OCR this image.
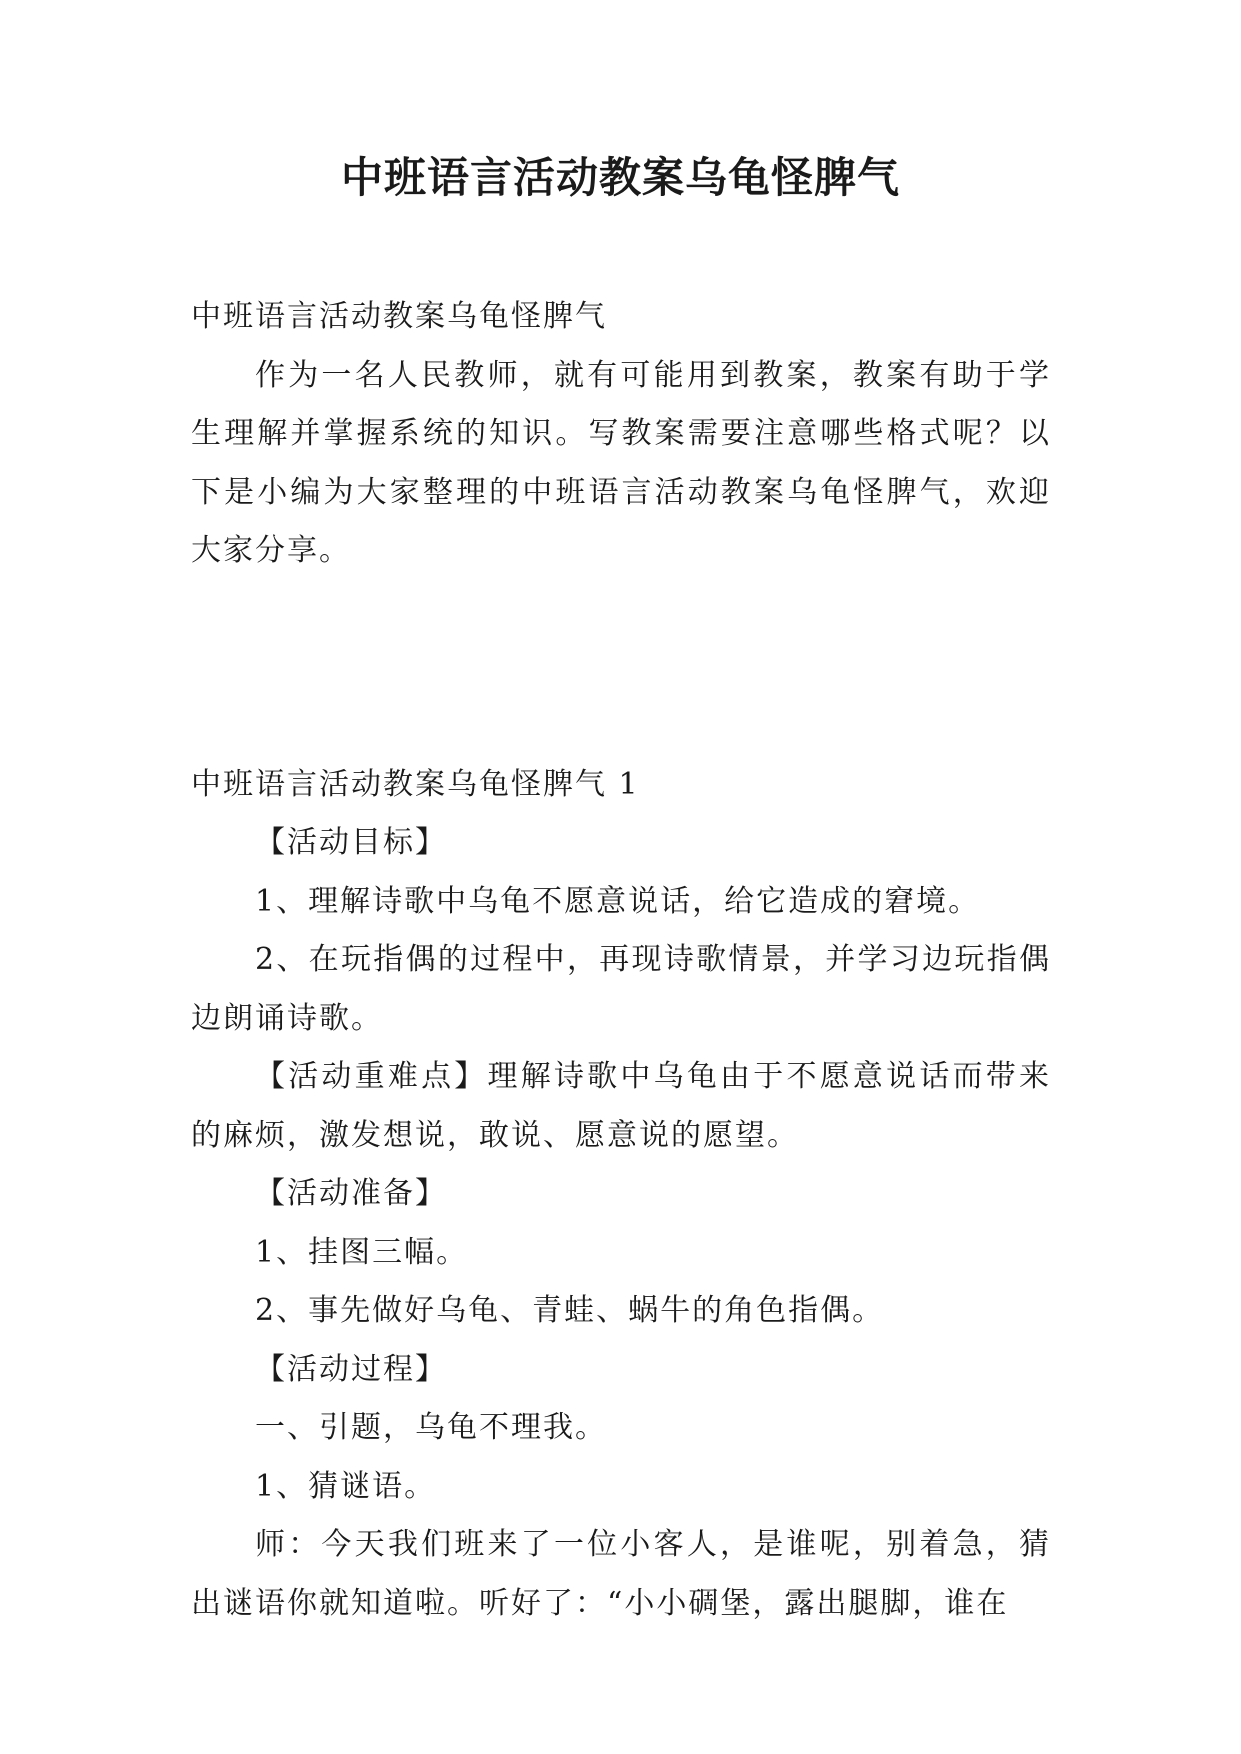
中班语言活动教案乌龟怪脾气

中班语言活动教案乌龟怪脾气

作为一名人民教师，就有可能用到教案，教案有助于学生理解并掌握系统的知识。写教案需要注意哪些格式呢？以下是小编为大家整理的中班语言活动教案乌龟怪脾气，欢迎大家分享。

中班语言活动教案乌龟怪脾气 1

【活动目标】

1、理解诗歌中乌龟不愿意说话，给它造成的窘境。

2、在玩指偶的过程中，再现诗歌情景，并学习边玩指偶边朗诵诗歌。

【活动重难点】理解诗歌中乌龟由于不愿意说话而带来的麻烦，激发想说，敢说、愿意说的愿望。

【活动准备】

1、挂图三幅。

2、事先做好乌龟、青蛙、蜗牛的角色指偶。

【活动过程】

一、引题，乌龟不理我。

1、猜谜语。

师：今天我们班来了一位小客人，是谁呢，别着急，猜出谜语你就知道啦。听好了：“小小碉堡，露出腿脚，谁在
